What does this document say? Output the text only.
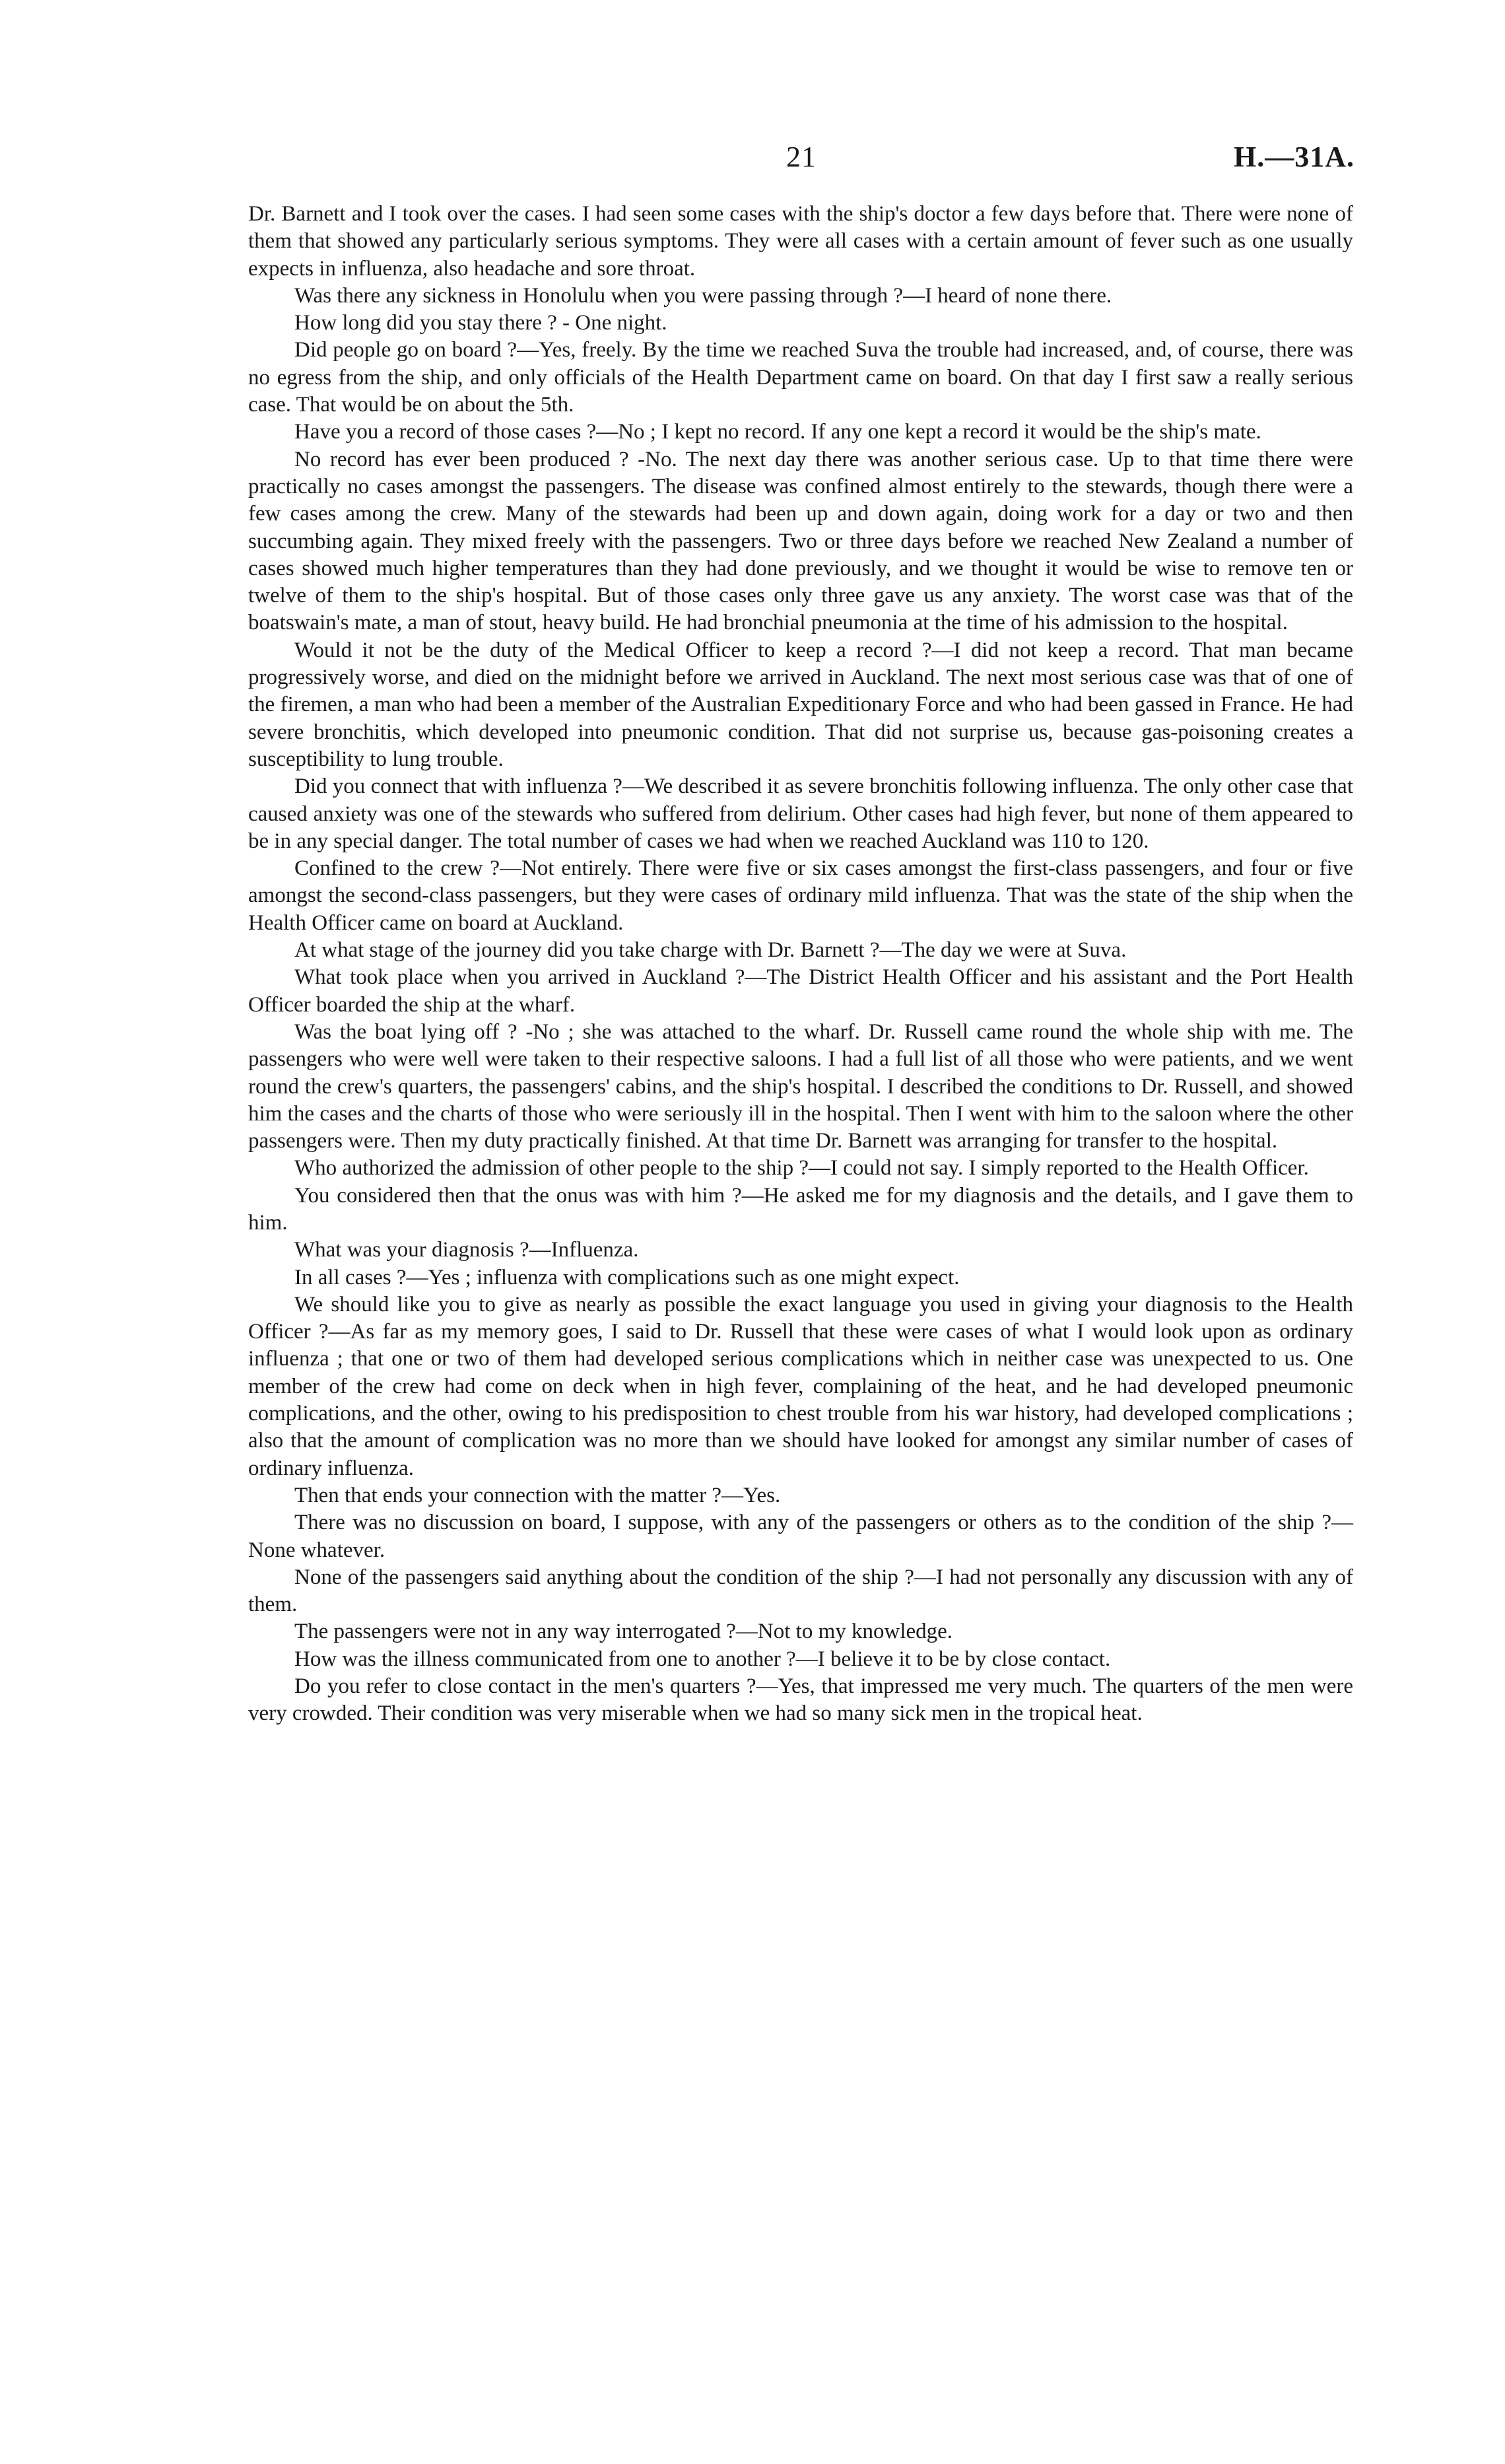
21	H.—31A.

Dr. Barnett and I took over the cases. I had seen some cases with the ship's doctor a few days before that. There were none of them that showed any particularly serious symptoms. They were all cases with a certain amount of fever such as one usually expects in influenza, also headache and sore throat.

Was there any sickness in Honolulu when you were passing through ?—I heard of none there.

How long did you stay there ? - One night.

Did people go on board ?—Yes, freely. By the time we reached Suva the trouble had increased, and, of course, there was no egress from the ship, and only officials of the Health Department came on board. On that day I first saw a really serious case. That would be on about the 5th.

Have you a record of those cases ?—No ; I kept no record. If any one kept a record it would be the ship's mate.

No record has ever been produced ? -No. The next day there was another serious case. Up to that time there were practically no cases amongst the passengers. The disease was confined almost entirely to the stewards, though there were a few cases among the crew. Many of the stewards had been up and down again, doing work for a day or two and then succumbing again. They mixed freely with the passengers. Two or three days before we reached New Zealand a number of cases showed much higher temperatures than they had done previously, and we thought it would be wise to remove ten or twelve of them to the ship's hospital. But of those cases only three gave us any anxiety. The worst case was that of the boatswain's mate, a man of stout, heavy build. He had bronchial pneumonia at the time of his admission to the hospital.

Would it not be the duty of the Medical Officer to keep a record ?—I did not keep a record. That man became progressively worse, and died on the midnight before we arrived in Auckland. The next most serious case was that of one of the firemen, a man who had been a member of the Australian Expeditionary Force and who had been gassed in France. He had severe bronchitis, which developed into pneumonic condition. That did not surprise us, because gas-poisoning creates a susceptibility to lung trouble.

Did you connect that with influenza ?—We described it as severe bronchitis following influenza. The only other case that caused anxiety was one of the stewards who suffered from delirium. Other cases had high fever, but none of them appeared to be in any special danger. The total number of cases we had when we reached Auckland was 110 to 120.

Confined to the crew ?—Not entirely. There were five or six cases amongst the first-class passengers, and four or five amongst the second-class passengers, but they were cases of ordinary mild influenza. That was the state of the ship when the Health Officer came on board at Auckland.

At what stage of the journey did you take charge with Dr. Barnett ?—The day we were at Suva.

What took place when you arrived in Auckland ?—The District Health Officer and his assistant and the Port Health Officer boarded the ship at the wharf.

Was the boat lying off ? -No ; she was attached to the wharf. Dr. Russell came round the whole ship with me. The passengers who were well were taken to their respective saloons. I had a full list of all those who were patients, and we went round the crew's quarters, the passengers' cabins, and the ship's hospital. I described the conditions to Dr. Russell, and showed him the cases and the charts of those who were seriously ill in the hospital. Then I went with him to the saloon where the other passengers were. Then my duty practically finished. At that time Dr. Barnett was arranging for transfer to the hospital.

Who authorized the admission of other people to the ship ?—I could not say. I simply reported to the Health Officer.

You considered then that the onus was with him ?—He asked me for my diagnosis and the details, and I gave them to him.

What was your diagnosis ?—Influenza.

In all cases ?—Yes ; influenza with complications such as one might expect.

We should like you to give as nearly as possible the exact language you used in giving your diagnosis to the Health Officer ?—As far as my memory goes, I said to Dr. Russell that these were cases of what I would look upon as ordinary influenza ; that one or two of them had developed serious complications which in neither case was unexpected to us. One member of the crew had come on deck when in high fever, complaining of the heat, and he had developed pneumonic complications, and the other, owing to his predisposition to chest trouble from his war history, had developed complications ; also that the amount of complication was no more than we should have looked for amongst any similar number of cases of ordinary influenza.

Then that ends your connection with the matter ?—Yes.

There was no discussion on board, I suppose, with any of the passengers or others as to the condition of the ship ?—None whatever.

None of the passengers said anything about the condition of the ship ?—I had not personally any discussion with any of them.

The passengers were not in any way interrogated ?—Not to my knowledge.

How was the illness communicated from one to another ?—I believe it to be by close contact.

Do you refer to close contact in the men's quarters ?—Yes, that impressed me very much. The quarters of the men were very crowded. Their condition was very miserable when we had so many sick men in the tropical heat.
